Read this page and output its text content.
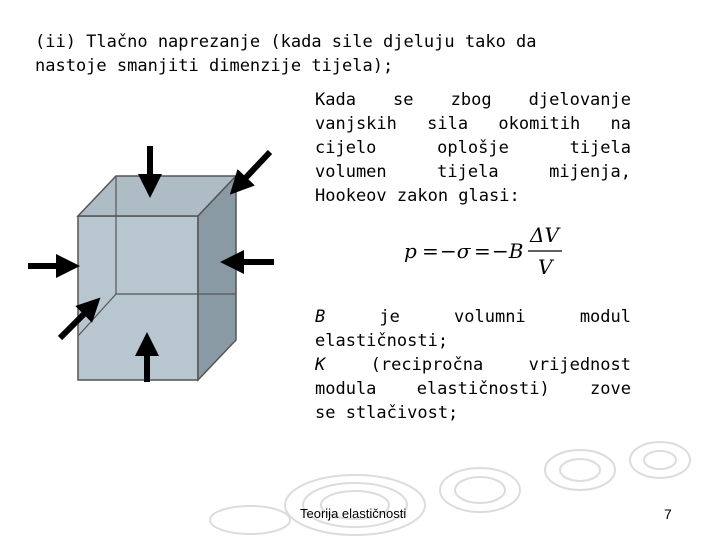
(ii) Tlačno naprezanje (kada sile djeluju tako da
nastoje smanjiti dimenzije tijela);
Kada se zbog djelovanje
vanjskih sila okomitih na
cijelo oplošje tijela
volumen tijela mijenja,
Hookeov zakon glasi:
p = −σ = −B
ΔV
V
B je volumni modul
elastičnosti;
K (recipročna vrijednost
modula elastičnosti) zove
se stlačivost;
Teorija elastičnosti	7
